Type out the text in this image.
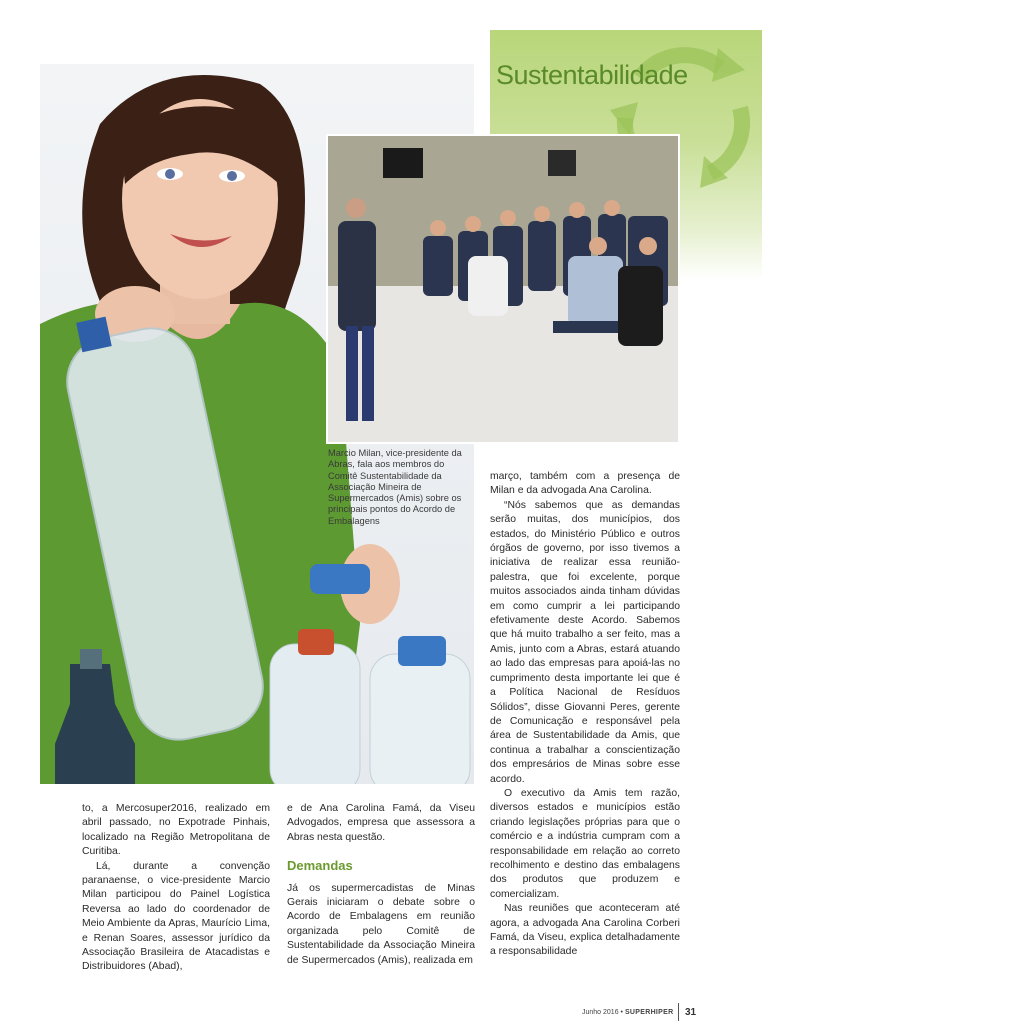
Sustentabilidade
Marcio Milan, vice-presidente da Abras, fala aos membros do Comitê Sustentabilidade da Associação Mineira de Supermercados (Amis) sobre os principais pontos do Acordo de Embalagens

to, a Mercosuper2016, realizado em abril passado, no Expotrade Pinhais, localizado na Região Metropolitana de Curitiba.

Lá, durante a convenção paranaense, o vice-presidente Marcio Milan participou do Painel Logística Reversa ao lado do coordenador de Meio Ambiente da Apras, Maurício Lima, e Renan Soares, assessor jurídico da Associação Brasileira de Atacadistas e Distribuidores (Abad),

e de Ana Carolina Famá, da Viseu Advogados, empresa que assessora a Abras nesta questão.

Demandas

Já os supermercadistas de Minas Gerais iniciaram o debate sobre o Acordo de Embalagens em reunião organizada pelo Comitê de Sustentabilidade da Associação Mineira de Supermercados (Amis), realizada em

março, também com a presença de Milan e da advogada Ana Carolina.

“Nós sabemos que as demandas serão muitas, dos municípios, dos estados, do Ministério Público e outros órgãos de governo, por isso tivemos a iniciativa de realizar essa reunião-palestra, que foi excelente, porque muitos associados ainda tinham dúvidas em como cumprir a lei participando efetivamente deste Acordo. Sabemos que há muito trabalho a ser feito, mas a Amis, junto com a Abras, estará atuando ao lado das empresas para apoiá-las no cumprimento desta importante lei que é a Política Nacional de Resíduos Sólidos”, disse Giovanni Peres, gerente de Comunicação e responsável pela área de Sustentabilidade da Amis, que continua a trabalhar a conscientização dos empresários de Minas sobre esse acordo.

O executivo da Amis tem razão, diversos estados e municípios estão criando legislações próprias para que o comércio e a indústria cumpram com a responsabilidade em relação ao correto recolhimento e destino das embalagens dos produtos que produzem e comercializam.

Nas reuniões que aconteceram até agora, a advogada Ana Carolina Corberi Famá, da Viseu, explica detalhadamente a responsabilidade

Junho 2016 • SUPERHIPER 31
